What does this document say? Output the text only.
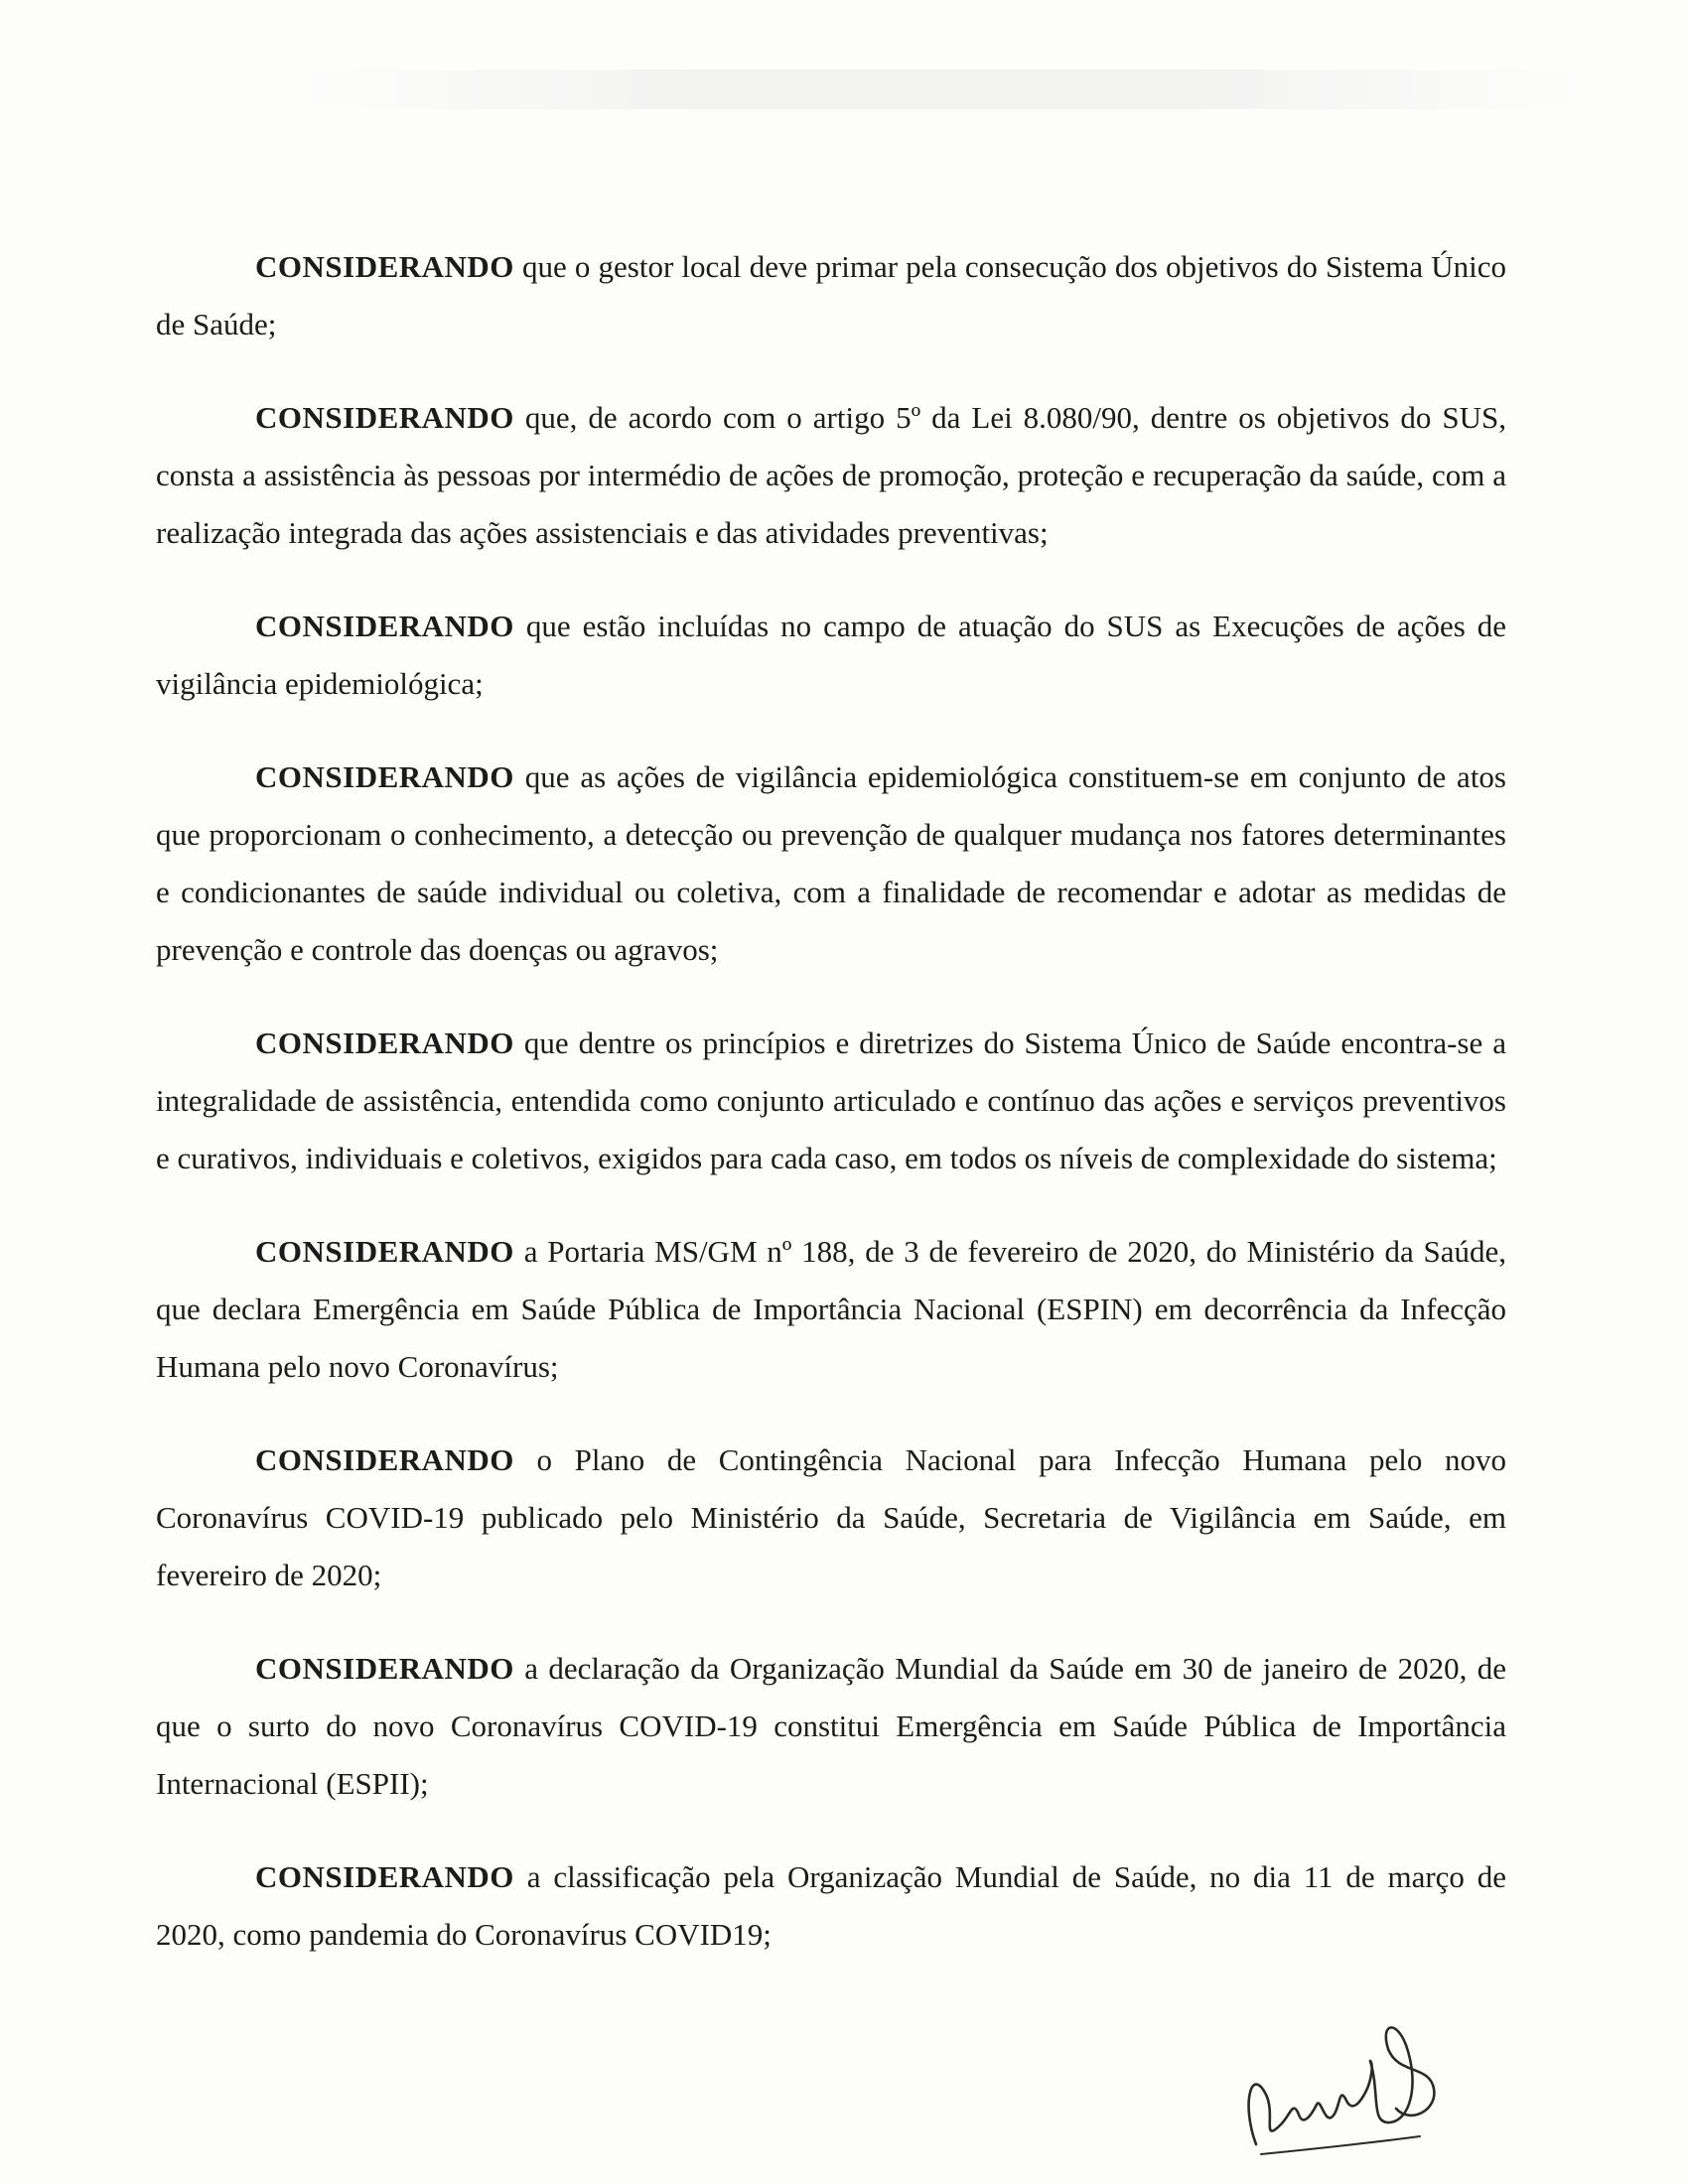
CONSIDERANDO que o gestor local deve primar pela consecução dos objetivos do Sistema Único de Saúde;

CONSIDERANDO que, de acordo com o artigo 5º da Lei 8.080/90, dentre os objetivos do SUS, consta a assistência às pessoas por intermédio de ações de promoção, proteção e recuperação da saúde, com a realização integrada das ações assistenciais e das atividades preventivas;

CONSIDERANDO que estão incluídas no campo de atuação do SUS as Execuções de ações de vigilância epidemiológica;

CONSIDERANDO que as ações de vigilância epidemiológica constituem-se em conjunto de atos que proporcionam o conhecimento, a detecção ou prevenção de qualquer mudança nos fatores determinantes e condicionantes de saúde individual ou coletiva, com a finalidade de recomendar e adotar as medidas de prevenção e controle das doenças ou agravos;

CONSIDERANDO que dentre os princípios e diretrizes do Sistema Único de Saúde encontra-se a integralidade de assistência, entendida como conjunto articulado e contínuo das ações e serviços preventivos e curativos, individuais e coletivos, exigidos para cada caso, em todos os níveis de complexidade do sistema;

CONSIDERANDO a Portaria MS/GM nº 188, de 3 de fevereiro de 2020, do Ministério da Saúde, que declara Emergência em Saúde Pública de Importância Nacional (ESPIN) em decorrência da Infecção Humana pelo novo Coronavírus;

CONSIDERANDO o Plano de Contingência Nacional para Infecção Humana pelo novo Coronavírus COVID-19 publicado pelo Ministério da Saúde, Secretaria de Vigilância em Saúde, em fevereiro de 2020;

CONSIDERANDO a declaração da Organização Mundial da Saúde em 30 de janeiro de 2020, de que o surto do novo Coronavírus COVID-19 constitui Emergência em Saúde Pública de Importância Internacional (ESPII);

CONSIDERANDO a classificação pela Organização Mundial de Saúde, no dia 11 de março de 2020, como pandemia do Coronavírus COVID19;
